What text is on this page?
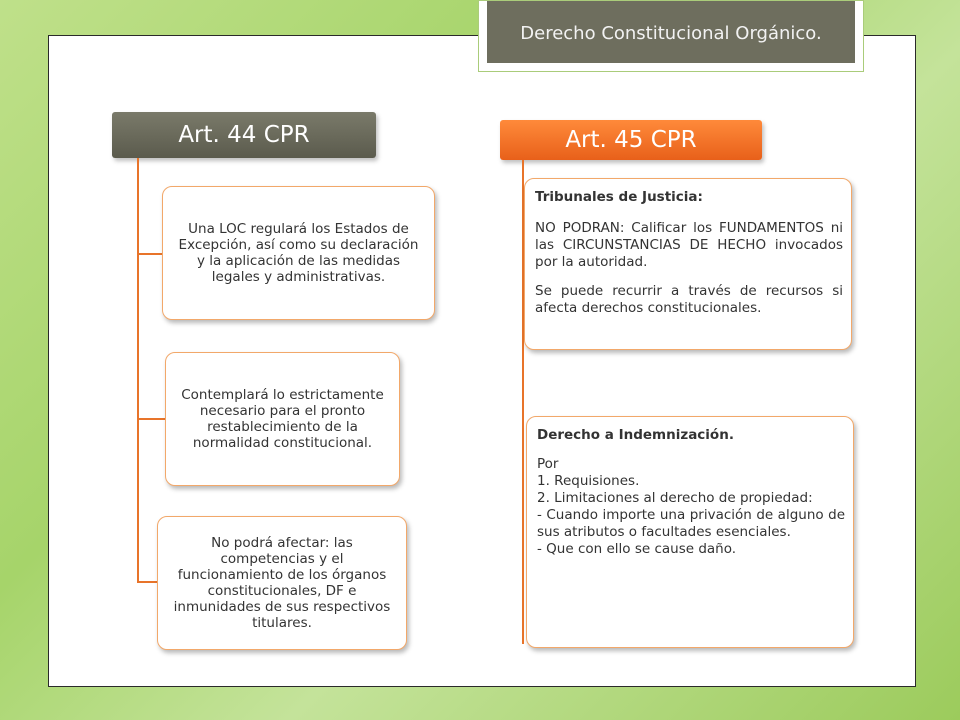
Derecho Constitucional Orgánico.
Art. 44 CPR
Una LOC regulará los Estados de Excepción, así como su declaración y la aplicación de las medidas legales y administrativas.
Contemplará lo estrictamente necesario para el pronto restablecimiento de la normalidad constitucional.
No podrá afectar: las competencias y el funcionamiento de los órganos constitucionales, DF e inmunidades de sus respectivos titulares.
Art. 45 CPR
Tribunales de Justicia:

NO PODRAN: Calificar los FUNDAMENTOS ni las CIRCUNSTANCIAS DE HECHO invocados por la autoridad.

Se puede recurrir a través de recursos si afecta derechos constitucionales.

Derecho a Indemnización.
Por
1. Requisiones.
2. Limitaciones al derecho de propiedad:
- Cuando importe una privación de alguno de sus atributos o facultades esenciales.
- Que con ello se cause daño.
